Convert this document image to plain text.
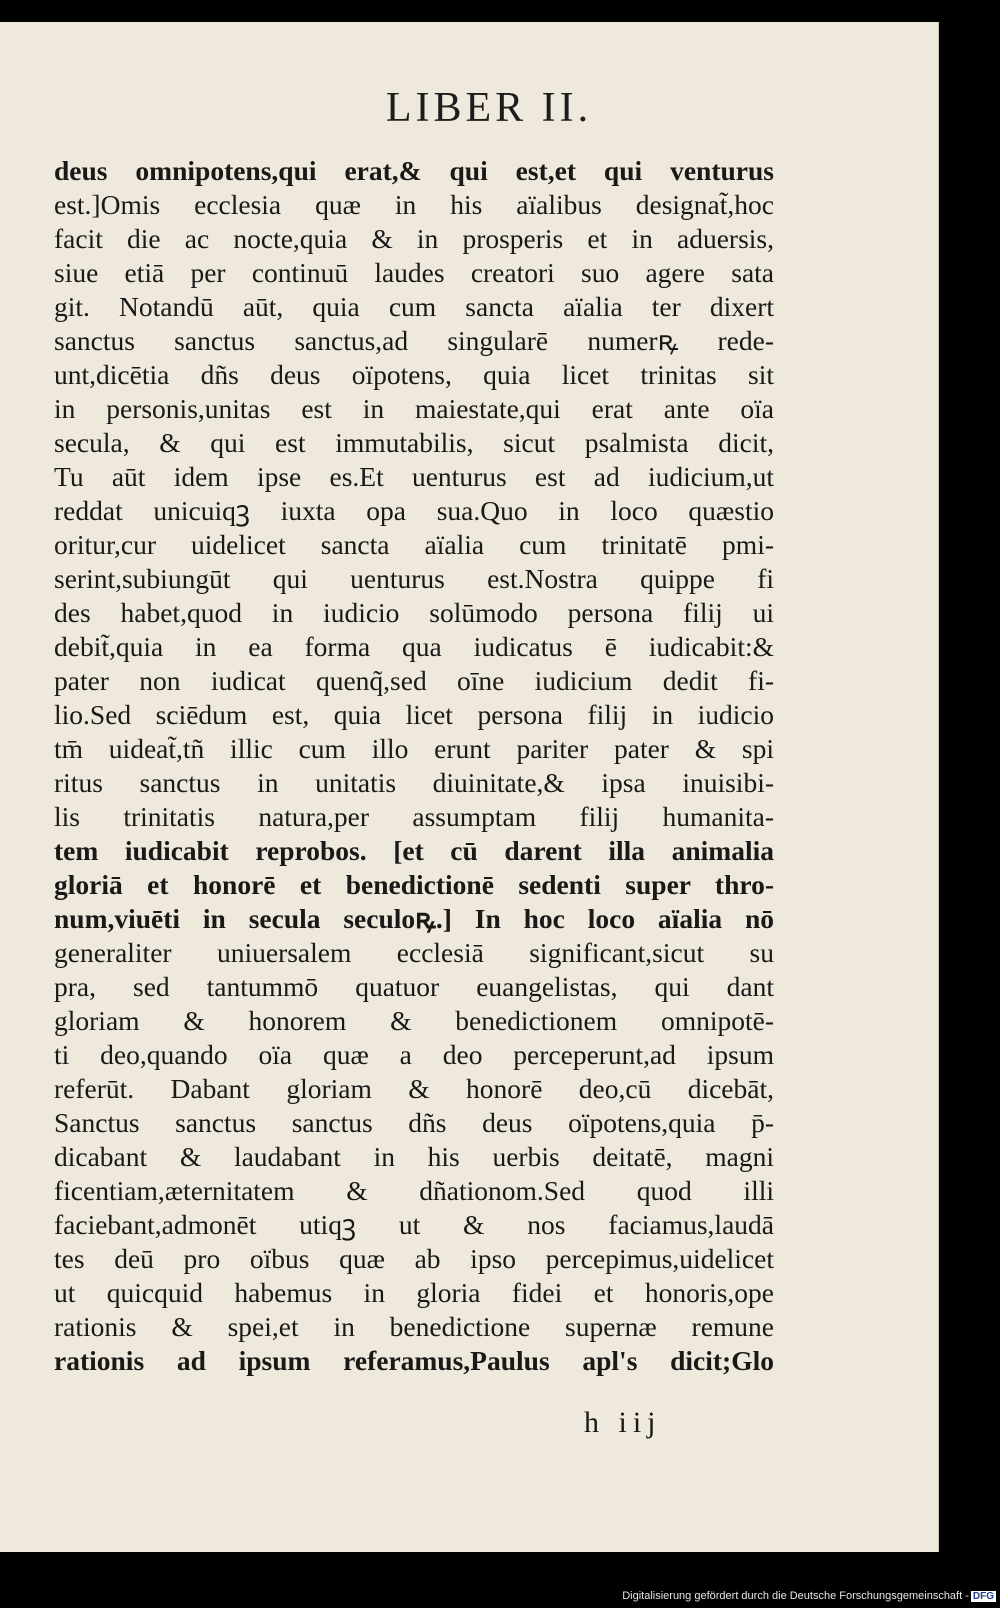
LIBER II.
deus omnipotens,qui erat,& qui est,et qui venturus
est.]Omis ecclesia quæ in his aïalibus designat̃,hoc
facit die ac nocte,quia & in prosperis et in aduersis,
siue etiā per continuū laudes creatori suo agere sata
git. Notandū aūt, quia cum sancta aïalia ter dixert
sanctus sanctus sanctus,ad singularē numerꝶ rede-
unt,dicētia dñs deus oïpotens, quia licet trinitas sit
in personis,unitas est in maiestate,qui erat ante oïa
secula, & qui est immutabilis, sicut psalmista dicit,
Tu aūt idem ipse es.Et uenturus est ad iudicium,ut
reddat unicuiqꝫ iuxta opa sua.Quo in loco quæstio
oritur,cur uidelicet sancta aïalia cum trinitatē pmi-
serint,subiungūt qui uenturus est.Nostra quippe fi
des habet,quod in iudicio solūmodo persona filij ui
debit̃,quia in ea forma qua iudicatus ē iudicabit:&
pater non iudicat quenq̃,sed oīne iudicium dedit fi-
lio.Sed sciēdum est, quia licet persona filij in iudicio
tm̄ uideat̃,tñ illic cum illo erunt pariter pater & spi
ritus sanctus in unitatis diuinitate,& ipsa inuisibi-
lis trinitatis natura,per assumptam filij humanita-
tem iudicabit reprobos. [et cū darent illa animalia
gloriā et honorē et benedictionē sedenti super thro-
num,viuēti in secula seculoꝶ.] In hoc loco aïalia nō
generaliter uniuersalem ecclesiā significant,sicut su
pra, sed tantummō quatuor euangelistas, qui dant
gloriam & honorem & benedictionem omnipotē-
ti deo,quando oïa quæ a deo perceperunt,ad ipsum
referūt. Dabant gloriam & honorē deo,cū dicebāt,
Sanctus sanctus sanctus dñs deus oïpotens,quia p̄-
dicabant & laudabant in his uerbis deitatē, magni
ficentiam,æternitatem & dñationom.Sed quod illi
faciebant,admonēt utiqꝫ ut & nos faciamus,laudā
tes deū pro oïbus quæ ab ipso percepimus,uidelicet
ut quicquid habemus in gloria fidei et honoris,ope
rationis & spei,et in benedictione supernæ remune
rationis ad ipsum referamus,Paulus apl's dicit;Glo
h iij
Digitalisierung gefördert durch die Deutsche Forschungsgemeinschaft - DFG
